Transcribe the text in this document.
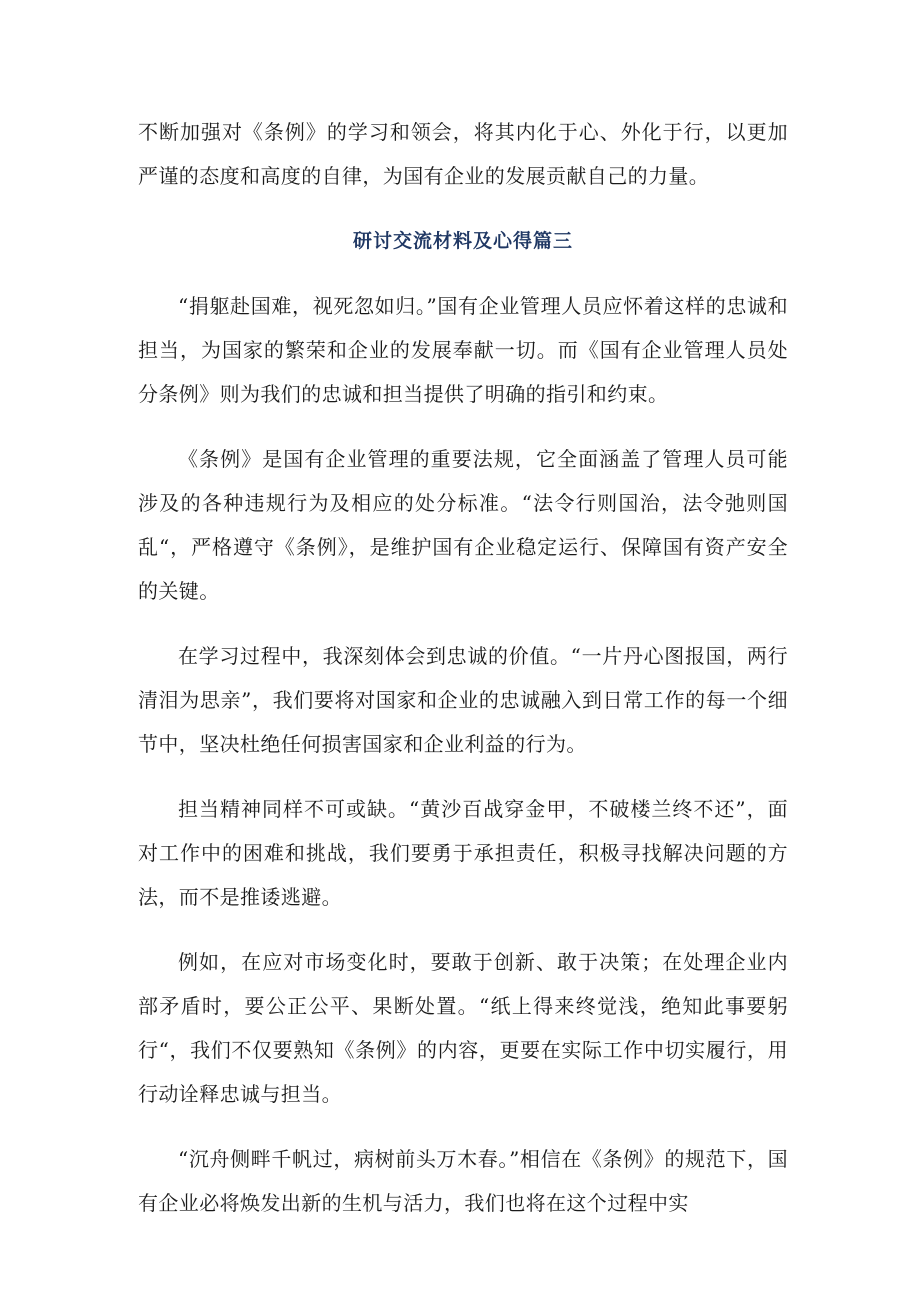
不断加强对《条例》的学习和领会，将其内化于心、外化于行，以更加严谨的态度和高度的自律，为国有企业的发展贡献自己的力量。

研讨交流材料及心得篇三

“捐躯赴国难，视死忽如归。”国有企业管理人员应怀着这样的忠诚和担当，为国家的繁荣和企业的发展奉献一切。而《国有企业管理人员处分条例》则为我们的忠诚和担当提供了明确的指引和约束。

《条例》是国有企业管理的重要法规，它全面涵盖了管理人员可能涉及的各种违规行为及相应的处分标准。“法令行则国治，法令弛则国乱“，严格遵守《条例》，是维护国有企业稳定运行、保障国有资产安全的关键。

在学习过程中，我深刻体会到忠诚的价值。“一片丹心图报国，两行清泪为思亲”，我们要将对国家和企业的忠诚融入到日常工作的每一个细节中，坚决杜绝任何损害国家和企业利益的行为。

担当精神同样不可或缺。“黄沙百战穿金甲，不破楼兰终不还”，面对工作中的困难和挑战，我们要勇于承担责任，积极寻找解决问题的方法，而不是推诿逃避。

例如，在应对市场变化时，要敢于创新、敢于决策；在处理企业内部矛盾时，要公正公平、果断处置。“纸上得来终觉浅，绝知此事要躬行“，我们不仅要熟知《条例》的内容，更要在实际工作中切实履行，用行动诠释忠诚与担当。

“沉舟侧畔千帆过，病树前头万木春。”相信在《条例》的规范下，国有企业必将焕发出新的生机与活力，我们也将在这个过程中实
